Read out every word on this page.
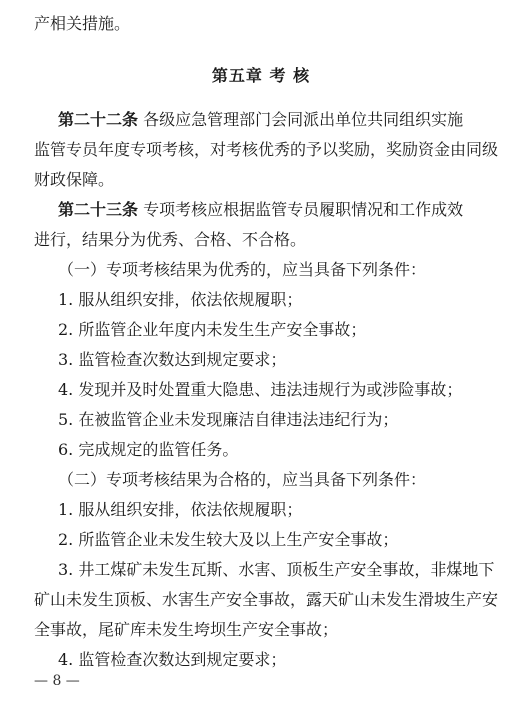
产相关措施。
第五章 考 核
第二十二条 各级应急管理部门会同派出单位共同组织实施
监管专员年度专项考核，对考核优秀的予以奖励，奖励资金由同级
财政保障。
第二十三条 专项考核应根据监管专员履职情况和工作成效
进行，结果分为优秀、合格、不合格。
（一）专项考核结果为优秀的，应当具备下列条件：
1. 服从组织安排，依法依规履职；
2. 所监管企业年度内未发生生产安全事故；
3. 监管检查次数达到规定要求；
4. 发现并及时处置重大隐患、违法违规行为或涉险事故；
5. 在被监管企业未发现廉洁自律违法违纪行为；
6. 完成规定的监管任务。
（二）专项考核结果为合格的，应当具备下列条件：
1. 服从组织安排，依法依规履职；
2. 所监管企业未发生较大及以上生产安全事故；
3. 井工煤矿未发生瓦斯、水害、顶板生产安全事故，非煤地下
矿山未发生顶板、水害生产安全事故，露天矿山未发生滑坡生产安
全事故，尾矿库未发生垮坝生产安全事故；
4. 监管检查次数达到规定要求；
— 8 —
